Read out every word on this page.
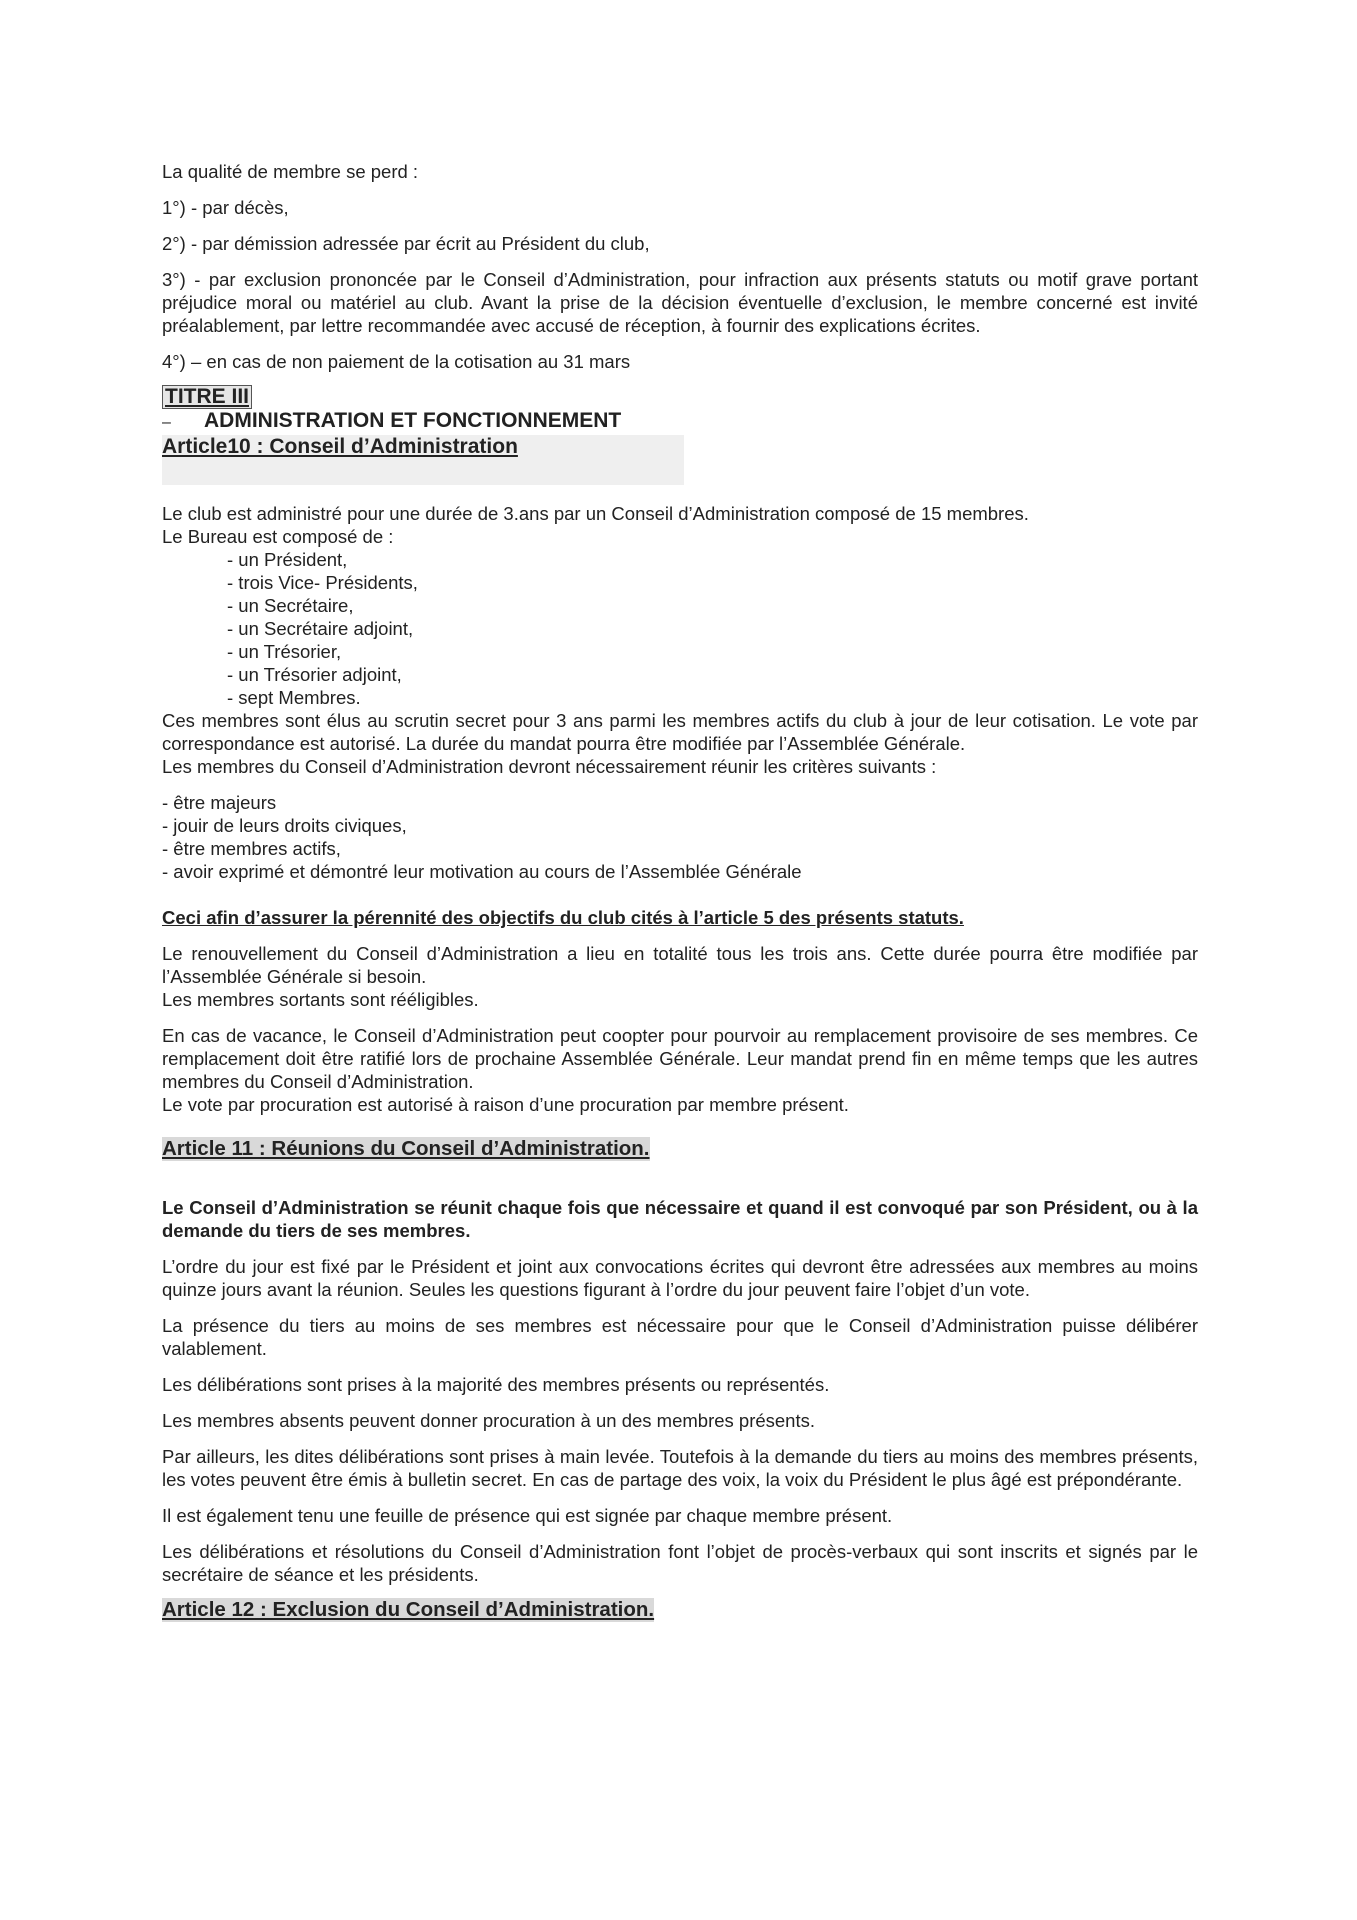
La qualité de membre se perd :

1°) - par décès,

2°) - par démission adressée par écrit au Président du club,

3°) - par exclusion prononcée par le Conseil d’Administration, pour infraction aux présents statuts ou motif grave portant préjudice moral ou matériel au club. Avant la prise de la décision éventuelle d’exclusion, le membre concerné est invité préalablement, par lettre recommandée avec accusé de réception, à fournir des explications écrites.

4°) – en cas de non paiement de la cotisation au 31 mars

TITRE III
– ADMINISTRATION ET FONCTIONNEMENT
Article10 : Conseil d’Administration

Le club est administré pour une durée de 3.ans par un Conseil d’Administration composé de 15 membres.

Le Bureau est composé de :

- un Président,

- trois Vice- Présidents,

- un Secrétaire,

- un Secrétaire adjoint,

- un Trésorier,

- un Trésorier adjoint,

- sept Membres.

Ces membres sont élus au scrutin secret pour 3 ans parmi les membres actifs du club à jour de leur cotisation. Le vote par correspondance est autorisé. La durée du mandat pourra être modifiée par l’Assemblée Générale.

Les membres du Conseil d’Administration devront nécessairement réunir les critères suivants :

- être majeurs

- jouir de leurs droits civiques,

- être membres actifs,

- avoir exprimé et démontré leur motivation au cours de l’Assemblée Générale

Ceci afin d’assurer la pérennité des objectifs du club cités à l’article 5 des présents statuts.

Le renouvellement du Conseil d’Administration a lieu en totalité tous les trois ans. Cette durée pourra être modifiée par l’Assemblée Générale si besoin.

Les membres sortants sont rééligibles.

En cas de vacance, le Conseil d’Administration peut coopter pour pourvoir au remplacement provisoire de ses membres. Ce remplacement doit être ratifié lors de prochaine Assemblée Générale. Leur mandat prend fin en même temps que les autres membres du Conseil d’Administration.

Le vote par procuration est autorisé à raison d’une procuration par membre présent.

Article 11 : Réunions du Conseil d’Administration.

Le Conseil d’Administration se réunit chaque fois que nécessaire et quand il est convoqué par son Président, ou à la demande du tiers de ses membres.

L’ordre du jour est fixé par le Président et joint aux convocations écrites qui devront être adressées aux membres au moins quinze jours avant la réunion. Seules les questions figurant à l’ordre du jour peuvent faire l’objet d’un vote.

La présence du tiers au moins de ses membres est nécessaire pour que le Conseil d’Administration puisse délibérer valablement.

Les délibérations sont prises à la majorité des membres présents ou représentés.

Les membres absents peuvent donner procuration à un des membres présents.

Par ailleurs, les dites délibérations sont prises à main levée. Toutefois à la demande du tiers au moins des membres présents, les votes peuvent être émis à bulletin secret. En cas de partage des voix, la voix du Président le plus âgé est prépondérante.

Il est également tenu une feuille de présence qui est signée par chaque membre présent.

Les délibérations et résolutions du Conseil d’Administration font l’objet de procès-verbaux qui sont inscrits et signés par le secrétaire de séance et les présidents.

Article 12 : Exclusion du Conseil d’Administration.
